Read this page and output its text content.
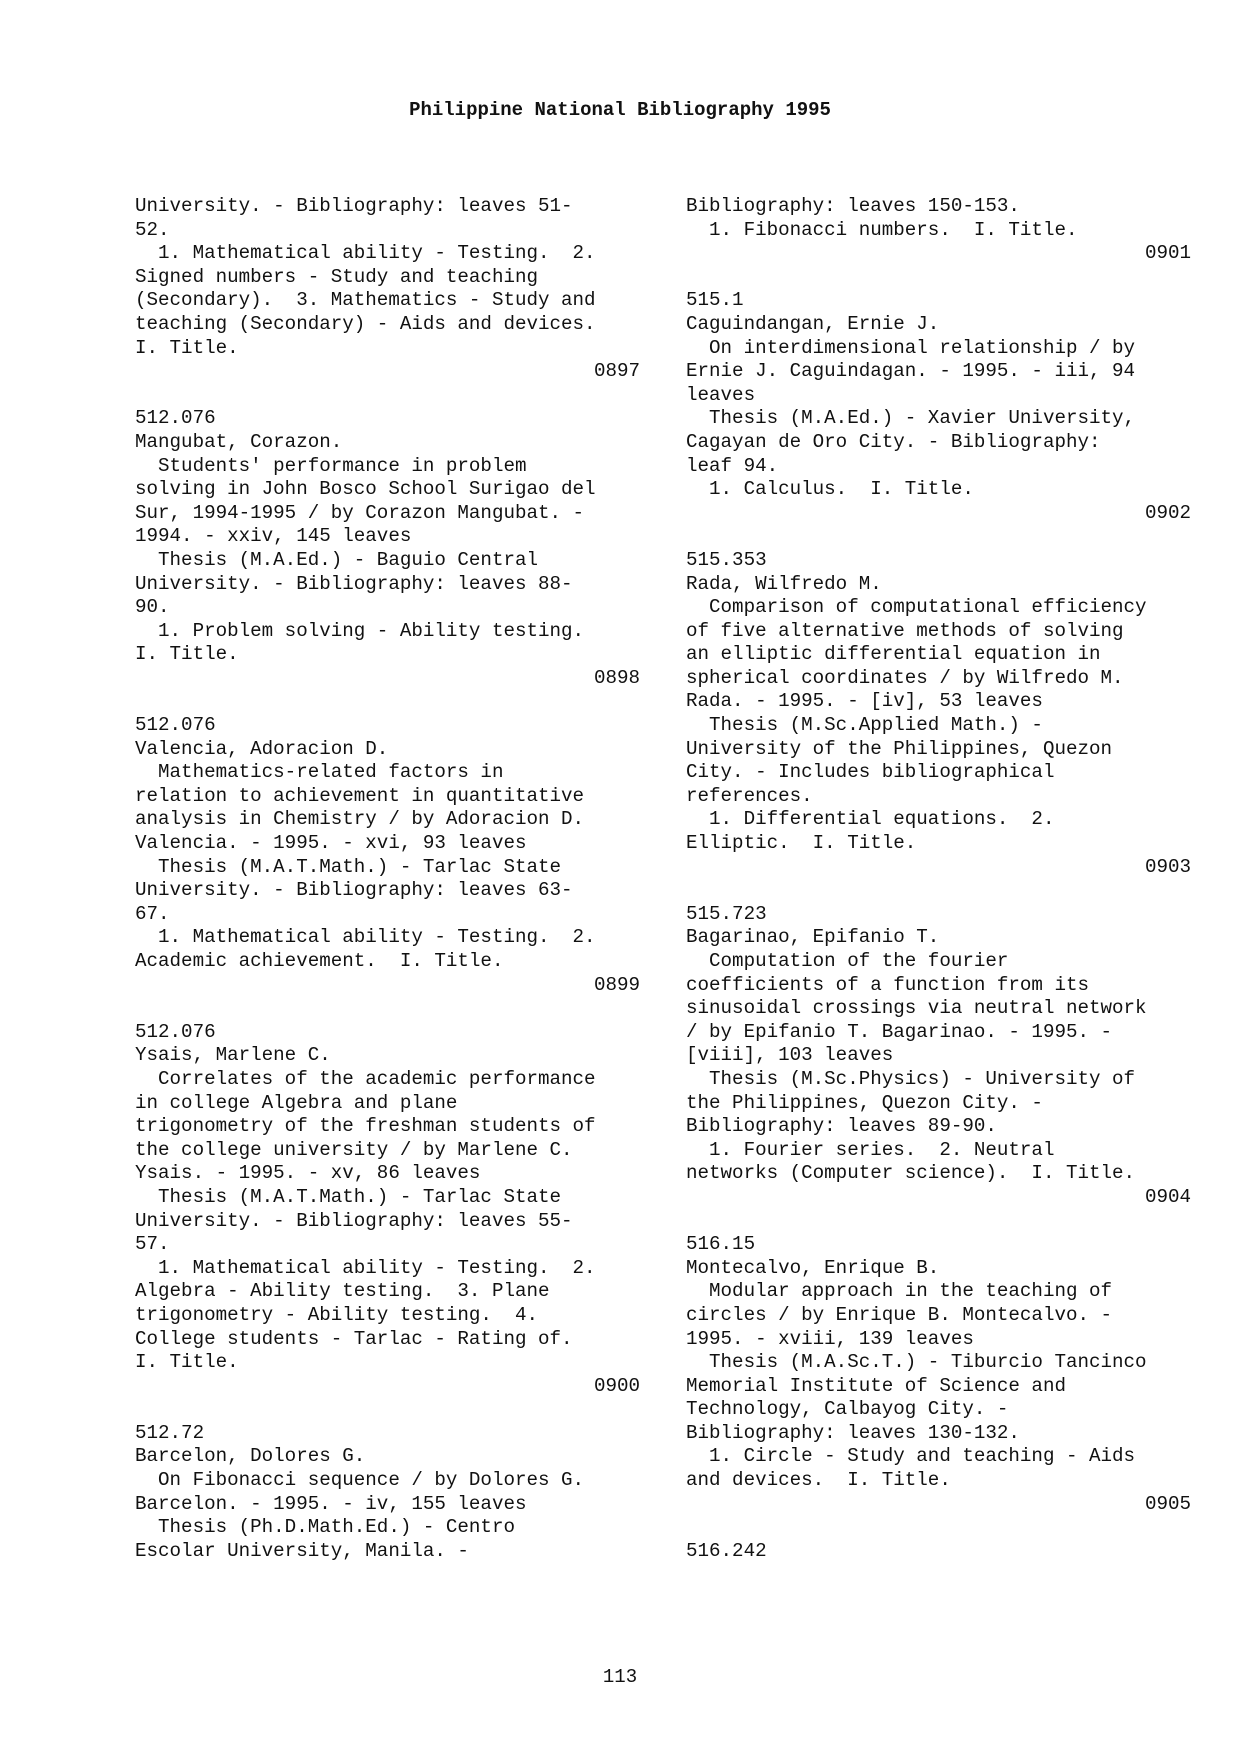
Philippine National Bibliography 1995
University. - Bibliography: leaves 51-
52.
1. Mathematical ability - Testing.  2.
Signed numbers - Study and teaching
(Secondary).  3. Mathematics - Study and
teaching (Secondary) - Aids and devices.
I. Title.
0897
512.076
Mangubat, Corazon.
Students' performance in problem
solving in John Bosco School Surigao del
Sur, 1994-1995 / by Corazon Mangubat. -
1994. - xxiv, 145 leaves
Thesis (M.A.Ed.) - Baguio Central
University. - Bibliography: leaves 88-
90.
1. Problem solving - Ability testing.
I. Title.
0898
512.076
Valencia, Adoracion D.
Mathematics-related factors in
relation to achievement in quantitative
analysis in Chemistry / by Adoracion D.
Valencia. - 1995. - xvi, 93 leaves
Thesis (M.A.T.Math.) - Tarlac State
University. - Bibliography: leaves 63-
67.
1. Mathematical ability - Testing.  2.
Academic achievement.  I. Title.
0899
512.076
Ysais, Marlene C.
Correlates of the academic performance
in college Algebra and plane
trigonometry of the freshman students of
the college university / by Marlene C.
Ysais. - 1995. - xv, 86 leaves
Thesis (M.A.T.Math.) - Tarlac State
University. - Bibliography: leaves 55-
57.
1. Mathematical ability - Testing.  2.
Algebra - Ability testing.  3. Plane
trigonometry - Ability testing.  4.
College students - Tarlac - Rating of.
I. Title.
0900
512.72
Barcelon, Dolores G.
On Fibonacci sequence / by Dolores G.
Barcelon. - 1995. - iv, 155 leaves
Thesis (Ph.D.Math.Ed.) - Centro
Escolar University, Manila. -
Bibliography: leaves 150-153.
1. Fibonacci numbers.  I. Title.
0901
515.1
Caguindangan, Ernie J.
On interdimensional relationship / by
Ernie J. Caguindagan. - 1995. - iii, 94
leaves
Thesis (M.A.Ed.) - Xavier University,
Cagayan de Oro City. - Bibliography:
leaf 94.
1. Calculus.  I. Title.
0902
515.353
Rada, Wilfredo M.
Comparison of computational efficiency
of five alternative methods of solving
an elliptic differential equation in
spherical coordinates / by Wilfredo M.
Rada. - 1995. - [iv], 53 leaves
Thesis (M.Sc.Applied Math.) -
University of the Philippines, Quezon
City. - Includes bibliographical
references.
1. Differential equations.  2.
Elliptic.  I. Title.
0903
515.723
Bagarinao, Epifanio T.
Computation of the fourier
coefficients of a function from its
sinusoidal crossings via neutral network
/ by Epifanio T. Bagarinao. - 1995. -
[viii], 103 leaves
Thesis (M.Sc.Physics) - University of
the Philippines, Quezon City. -
Bibliography: leaves 89-90.
1. Fourier series.  2. Neutral
networks (Computer science).  I. Title.
0904
516.15
Montecalvo, Enrique B.
Modular approach in the teaching of
circles / by Enrique B. Montecalvo. -
1995. - xviii, 139 leaves
Thesis (M.A.Sc.T.) - Tiburcio Tancinco
Memorial Institute of Science and
Technology, Calbayog City. -
Bibliography: leaves 130-132.
1. Circle - Study and teaching - Aids
and devices.  I. Title.
0905
516.242
113
